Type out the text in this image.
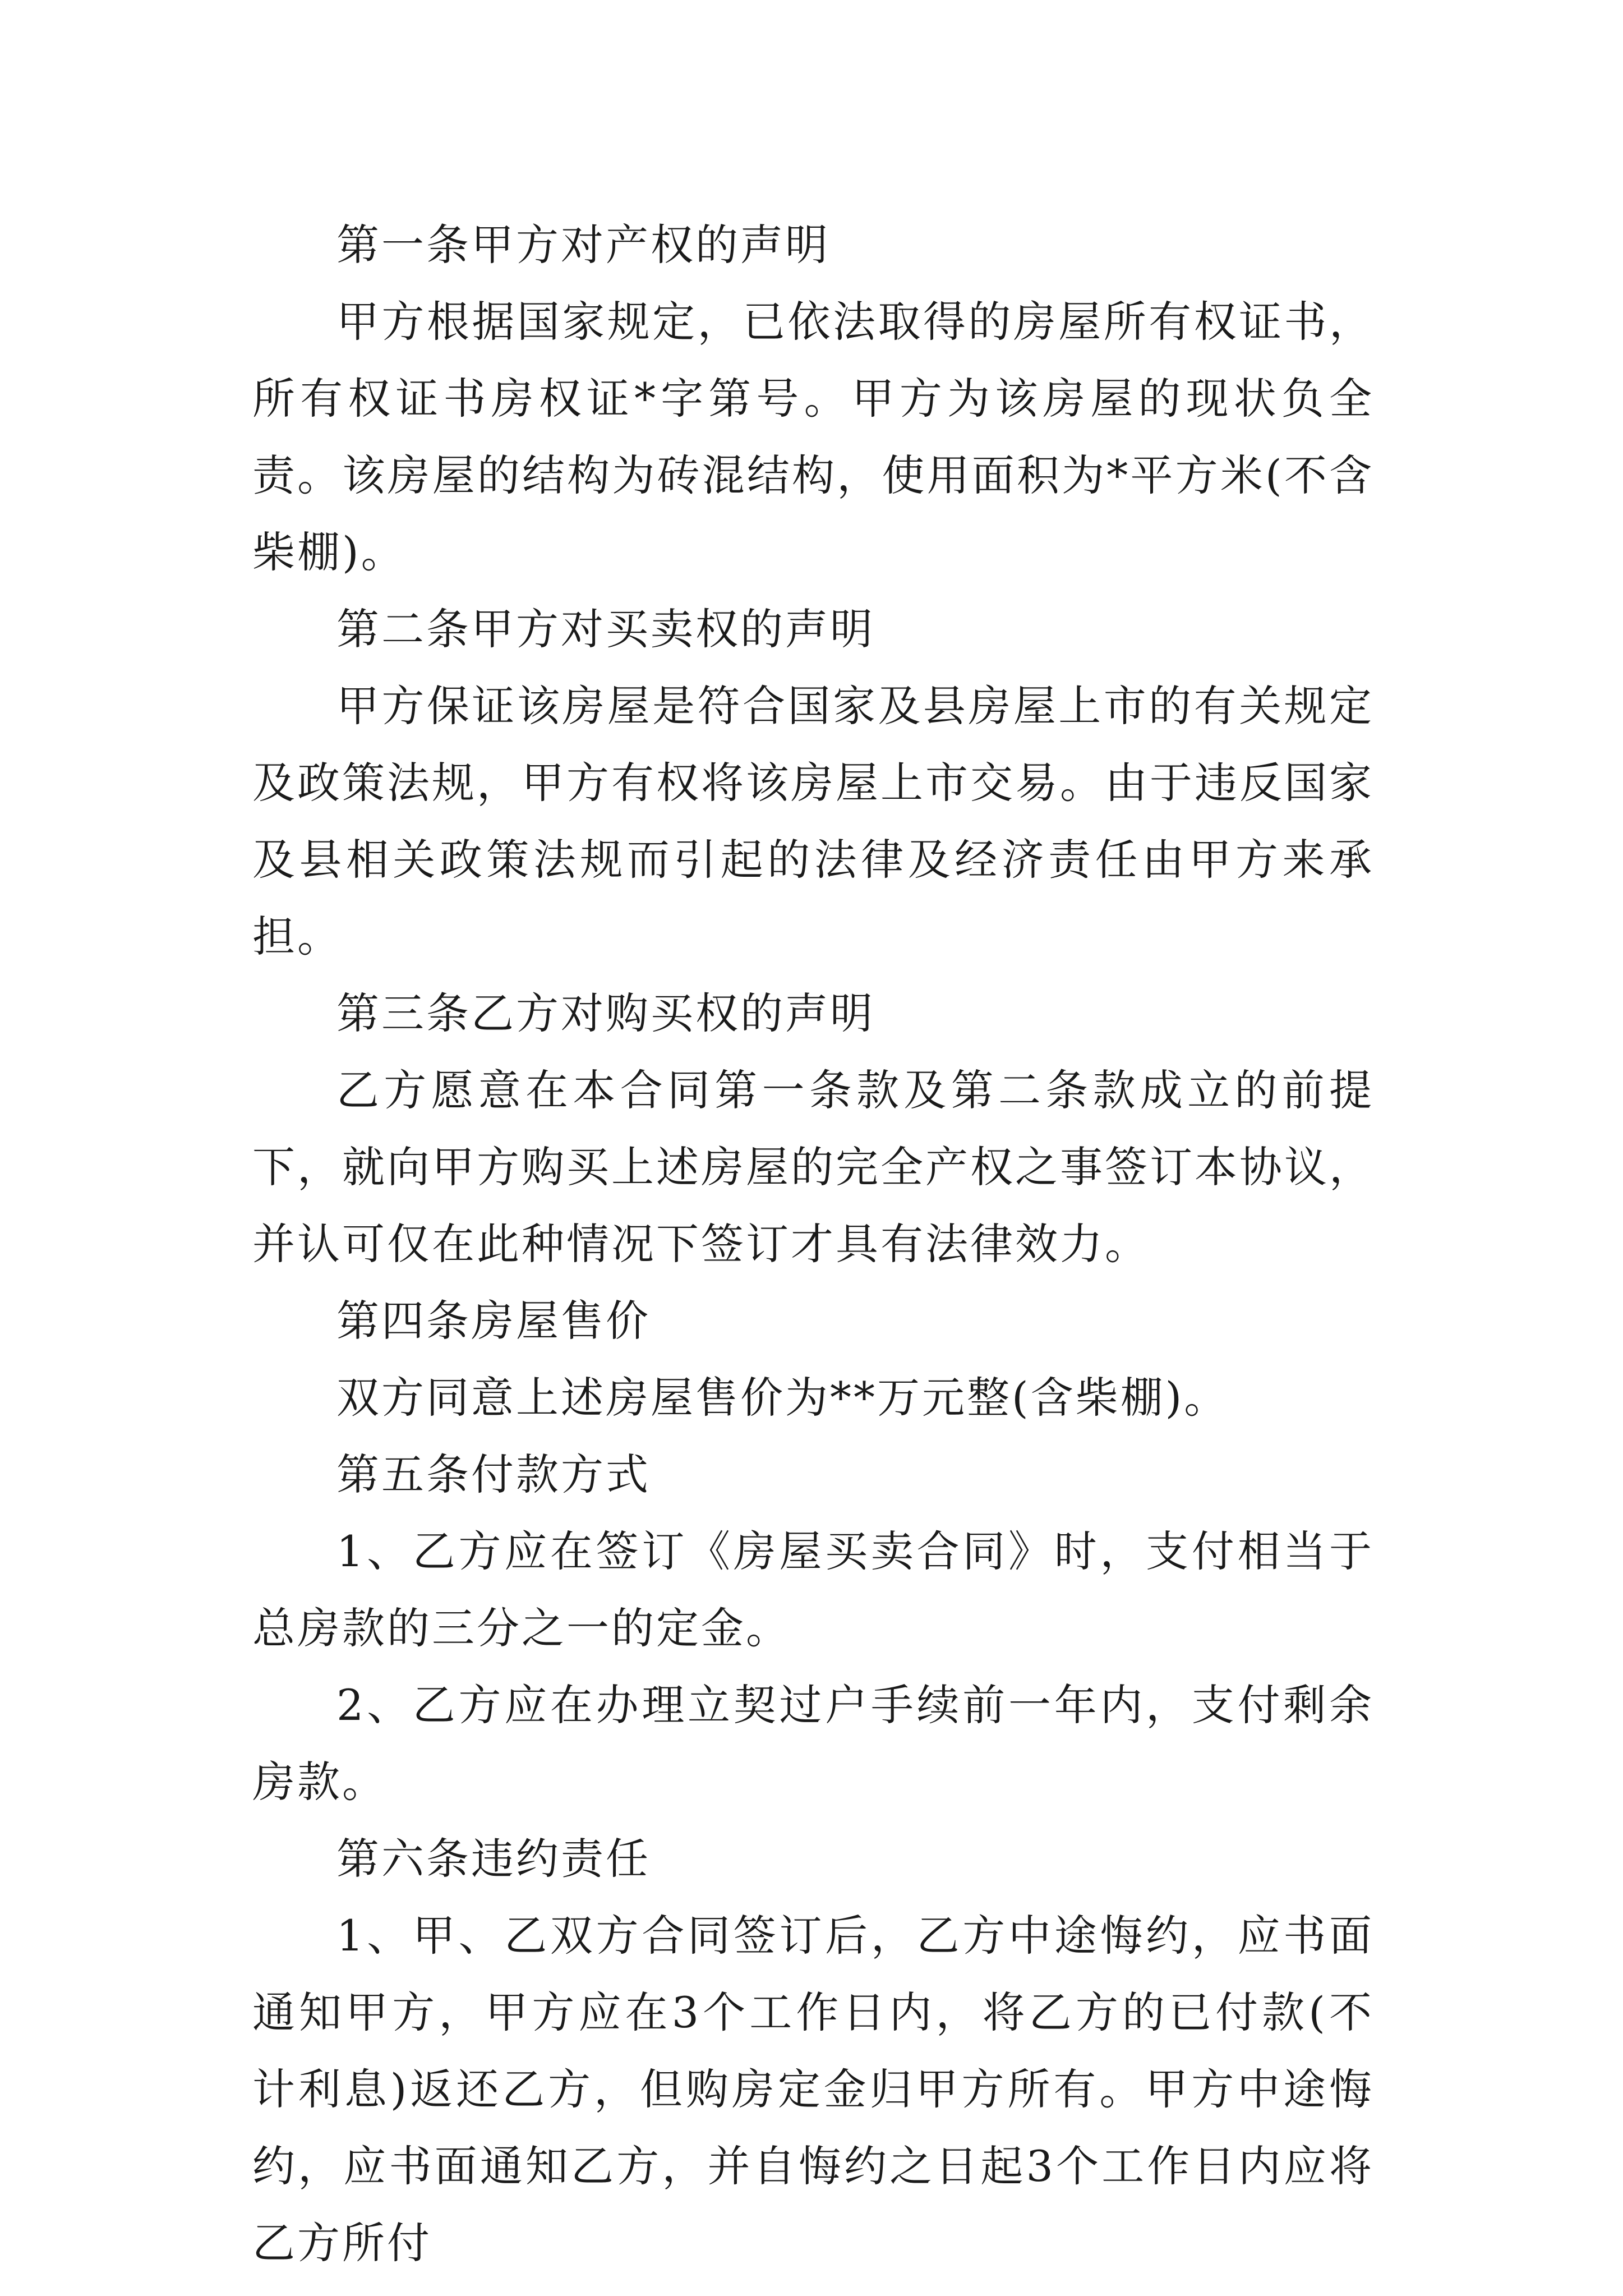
第一条甲方对产权的声明

甲方根据国家规定，已依法取得的房屋所有权证书，所有权证书房权证*字第号。甲方为该房屋的现状负全责。该房屋的结构为砖混结构，使用面积为*平方米(不含柴棚)。

第二条甲方对买卖权的声明

甲方保证该房屋是符合国家及县房屋上市的有关规定及政策法规，甲方有权将该房屋上市交易。由于违反国家及县相关政策法规而引起的法律及经济责任由甲方来承担。

第三条乙方对购买权的声明

乙方愿意在本合同第一条款及第二条款成立的前提下，就向甲方购买上述房屋的完全产权之事签订本协议，并认可仅在此种情况下签订才具有法律效力。

第四条房屋售价

双方同意上述房屋售价为**万元整(含柴棚)。

第五条付款方式

1、乙方应在签订《房屋买卖合同》时，支付相当于总房款的三分之一的定金。

2、乙方应在办理立契过户手续前一年内，支付剩余房款。

第六条违约责任

1、甲、乙双方合同签订后，乙方中途悔约，应书面通知甲方，甲方应在3个工作日内，将乙方的已付款(不计利息)返还乙方，但购房定金归甲方所有。甲方中途悔约，应书面通知乙方，并自悔约之日起3个工作日内应将乙方所付
